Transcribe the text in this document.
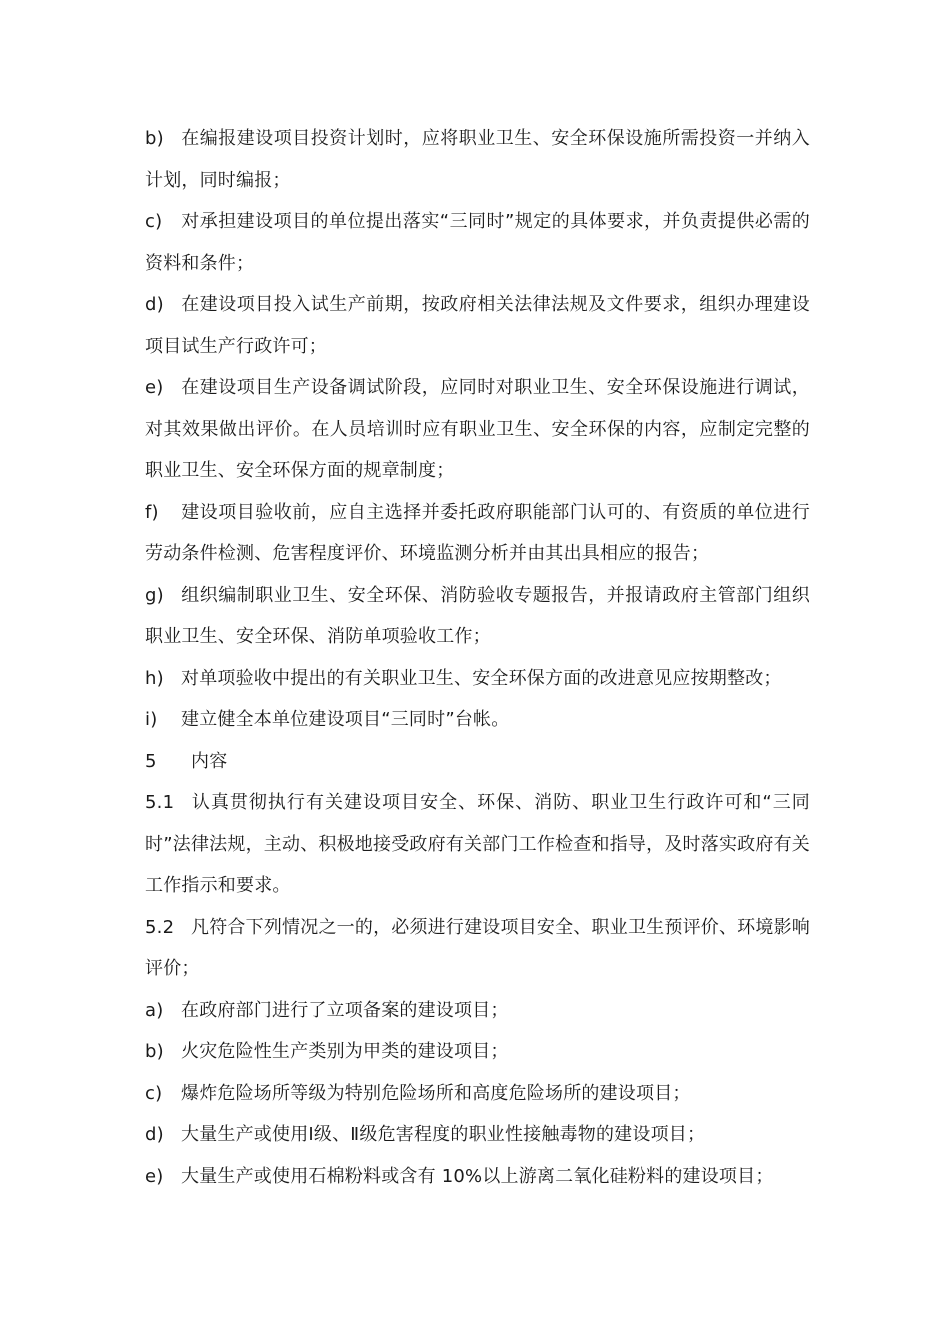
b) 在编报建设项目投资计划时，应将职业卫生、安全环保设施所需投资一并纳入计划，同时编报；

c) 对承担建设项目的单位提出落实“三同时”规定的具体要求，并负责提供必需的资料和条件；

d) 在建设项目投入试生产前期，按政府相关法律法规及文件要求，组织办理建设项目试生产行政许可；

e) 在建设项目生产设备调试阶段，应同时对职业卫生、安全环保设施进行调试，对其效果做出评价。在人员培训时应有职业卫生、安全环保的内容，应制定完整的职业卫生、安全环保方面的规章制度；

f) 建设项目验收前，应自主选择并委托政府职能部门认可的、有资质的单位进行劳动条件检测、危害程度评价、环境监测分析并由其出具相应的报告；

g) 组织编制职业卫生、安全环保、消防验收专题报告，并报请政府主管部门组织职业卫生、安全环保、消防单项验收工作；

h) 对单项验收中提出的有关职业卫生、安全环保方面的改进意见应按期整改；

i) 建立健全本单位建设项目“三同时”台帐。

5 内容

5.1 认真贯彻执行有关建设项目安全、环保、消防、职业卫生行政许可和“三同时”法律法规，主动、积极地接受政府有关部门工作检查和指导，及时落实政府有关工作指示和要求。

5.2 凡符合下列情况之一的，必须进行建设项目安全、职业卫生预评价、环境影响评价；

a) 在政府部门进行了立项备案的建设项目；

b) 火灾危险性生产类别为甲类的建设项目；

c) 爆炸危险场所等级为特别危险场所和高度危险场所的建设项目；

d) 大量生产或使用Ⅰ级、Ⅱ级危害程度的职业性接触毒物的建设项目；

e) 大量生产或使用石棉粉料或含有 10%以上游离二氧化硅粉料的建设项目；
